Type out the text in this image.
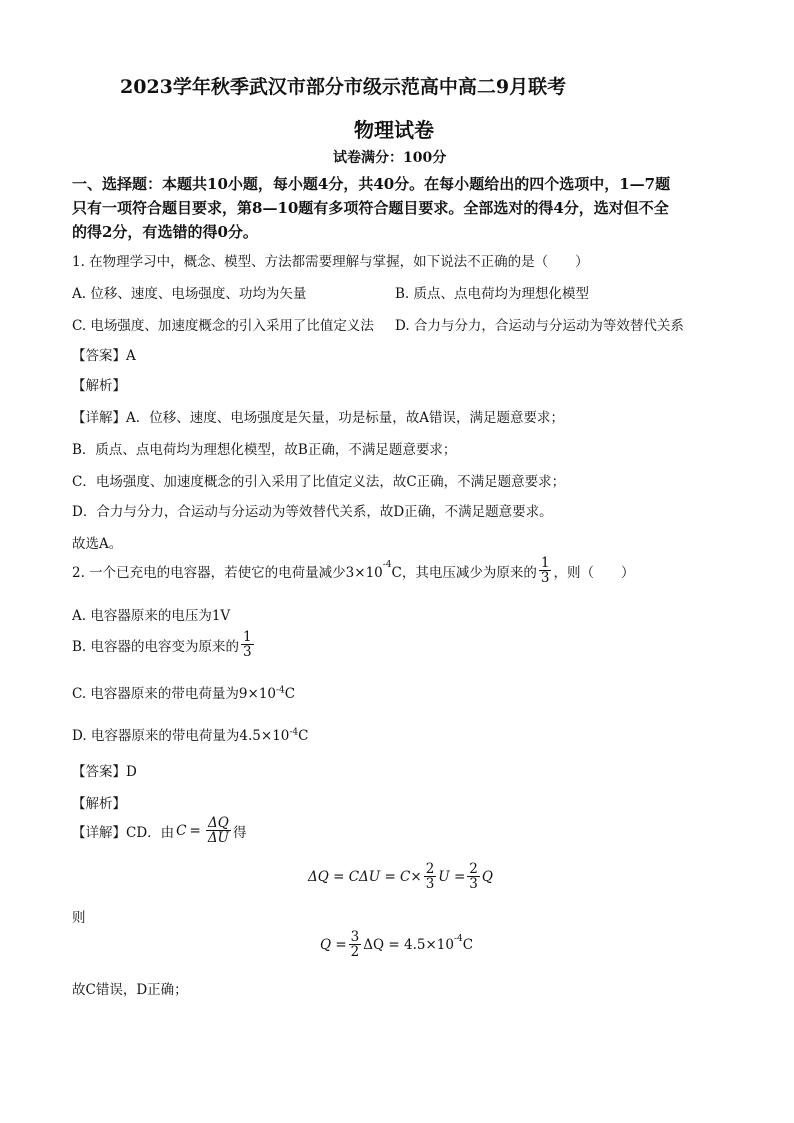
2023学年秋季武汉市部分市级示范高中高二9月联考
物理试卷
试卷满分：100分
一、选择题：本题共10小题，每小题4分，共40分。在每小题给出的四个选项中，1—7题
只有一项符合题目要求，第8—10题有多项符合题目要求。全部选对的得4分，选对但不全
的得2分，有选错的得0分。
1. 在物理学习中，概念、模型、方法都需要理解与掌握，如下说法不正确的是（　　）
A. 位移、速度、电场强度、功均为矢量	B. 质点、点电荷均为理想化模型
C. 电场强度、加速度概念的引入采用了比值定义法 D. 合力与分力，合运动与分运动为等效替代关系
【答案】A
【解析】
【详解】A．位移、速度、电场强度是矢量，功是标量，故A错误，满足题意要求；
B．质点、点电荷均为理想化模型，故B正确，不满足题意要求；
C．电场强度、加速度概念的引入采用了比值定义法，故C正确，不满足题意要求；
D．合力与分力，合运动与分运动为等效替代关系，故D正确，不满足题意要求。
故选A。
2. 一个已充电的电容器，若使它的电荷量减少$3\times 10^{-4}$ C，其电压减少为原来的 $\frac{1}{3}$ ，则（　　）
A. 电容器原来的电压为1V
B. 电容器的电容变为原来的 $\frac{1}{3}$
C. 电容器原来的带电荷量为$9\times 10^{-4}C$
D. 电容器原来的带电荷量为$4.5\times 10^{-4}C$
【答案】D
【解析】
【详解】CD．由 $C = \frac{\Delta Q}{\Delta U}$ 得
$\Delta Q = C\Delta U = C\times \frac{2}{3}$ $U = \frac{2}{3}$ Q
则
$Q = \frac{3}{2}$ $\Delta Q = 4.5\times 10^{-4}$ C
故C错误，D正确；
